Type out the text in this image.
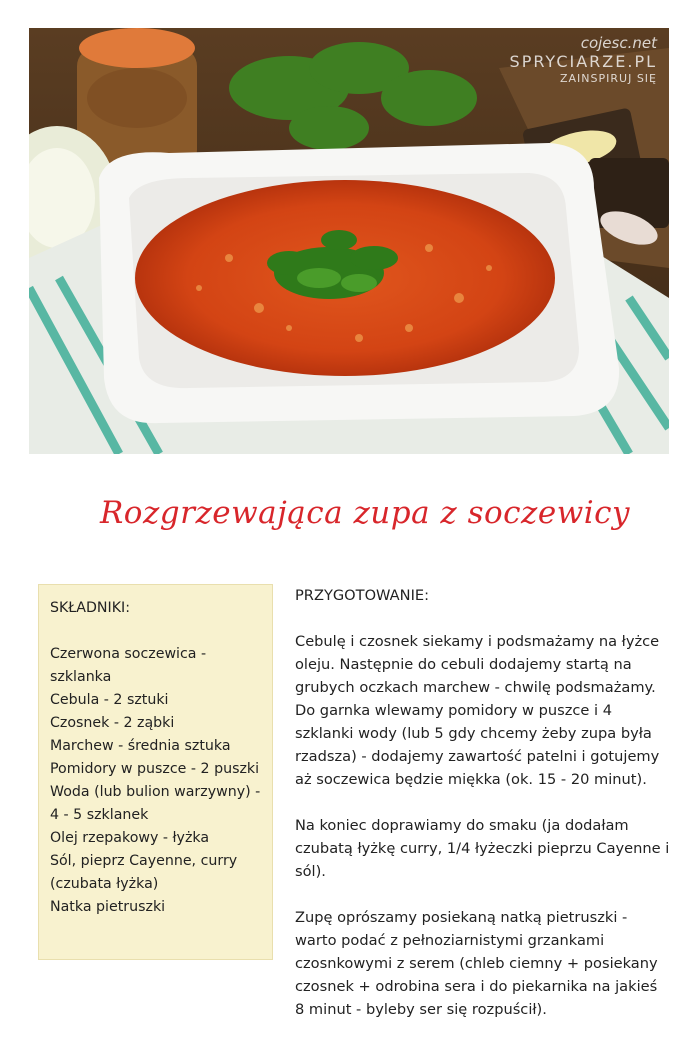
cojesc.net
SPRYCIARZE.PL
ZAINSPIRUJ SIĘ
Rozgrzewająca zupa z soczewicy
SKŁADNIKI:
Czerwona soczewica - szklanka
Cebula - 2 sztuki
Czosnek - 2 ząbki
Marchew - średnia sztuka
Pomidory w puszce - 2 puszki
Woda (lub bulion warzywny) - 4 - 5 szklanek
Olej rzepakowy - łyżka
Sól, pieprz Cayenne, curry (czubata łyżka)
Natka pietruszki
PRZYGOTOWANIE:

Cebulę i czosnek siekamy i podsmażamy na łyżce oleju. Następnie do cebuli dodajemy startą na grubych oczkach marchew - chwilę podsmażamy. Do garnka wlewamy pomidory w puszce i 4 szklanki wody (lub 5 gdy chcemy żeby zupa była rzadsza) - dodajemy zawartość patelni i gotujemy aż soczewica będzie miękka (ok. 15 - 20 minut).

Na koniec doprawiamy do smaku (ja dodałam czubatą łyżkę curry, 1/4 łyżeczki pieprzu Cayenne i sól).

Zupę oprószamy posiekaną natką pietruszki - warto podać z pełnoziarnistymi grzankami czosnkowymi z serem (chleb ciemny + posiekany czosnek + odrobina sera i do piekarnika na jakieś 8 minut - byleby ser się rozpuścił).
